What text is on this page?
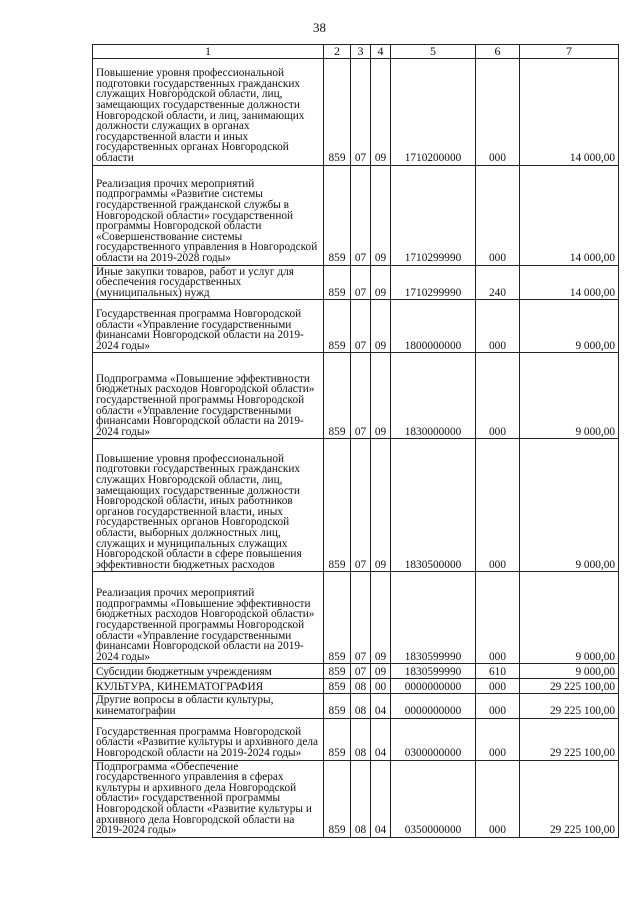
38
1	2	3	4	5	6	7
Повышение уровня профессиональной подготовки государственных гражданских служащих Новгородской области, лиц, замещающих государственные должности Новгородской области, и лиц, занимающих должности служащих в органах государственной власти и иных государственных органах Новгородской области	859	07	09	1710200000	000	14 000,00
Реализация прочих мероприятий подпрограммы «Развитие системы государственной гражданской службы в Новгородской области» государственной программы Новгородской области «Совершенствование системы государственного управления в Новгородской области на 2019-2028 годы»	859	07	09	1710299990	000	14 000,00
Иные закупки товаров, работ и услуг для обеспечения государственных (муниципальных) нужд	859	07	09	1710299990	240	14 000,00
Государственная программа Новгородской области «Управление государственными финансами Новгородской области на 2019-2024 годы»	859	07	09	1800000000	000	9 000,00
Подпрограмма «Повышение эффективности бюджетных расходов Новгородской области» государственной программы Новгородской области «Управление государственными финансами Новгородской области на 2019-2024 годы»	859	07	09	1830000000	000	9 000,00
Повышение уровня профессиональной подготовки государственных гражданских служащих Новгородской области, лиц, замещающих государственные должности Новгородской области, иных работников органов государственной власти, иных государственных органов Новгородской области, выборных должностных лиц, служащих и муниципальных служащих Новгородской области в сфере повышения эффективности бюджетных расходов	859	07	09	1830500000	000	9 000,00
Реализация прочих мероприятий подпрограммы «Повышение эффективности бюджетных расходов Новгородской области» государственной программы Новгородской области «Управление государственными финансами Новгородской области на 2019-2024 годы»	859	07	09	1830599990	000	9 000,00
Субсидии бюджетным учреждениям	859	07	09	1830599990	610	9 000,00
КУЛЬТУРА, КИНЕМАТОГРАФИЯ	859	08	00	0000000000	000	29 225 100,00
Другие вопросы в области культуры, кинематографии	859	08	04	0000000000	000	29 225 100,00
Государственная программа Новгородской области «Развитие культуры и архивного дела Новгородской области на 2019-2024 годы»	859	08	04	0300000000	000	29 225 100,00
Подпрограмма «Обеспечение государственного управления в сферах культуры и архивного дела Новгородской области» государственной программы Новгородской области «Развитие культуры и архивного дела Новгородской области на 2019-2024 годы»	859	08	04	0350000000	000	29 225 100,00
